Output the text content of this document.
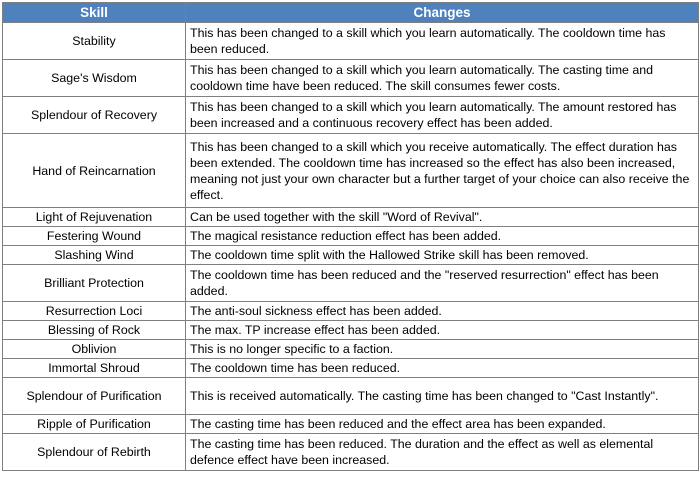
Skill	Changes
Stability	This has been changed to a skill which you learn automatically. The cooldown time has been reduced.
Sage's Wisdom	This has been changed to a skill which you learn automatically. The casting time and cooldown time have been reduced. The skill consumes fewer costs.
Splendour of Recovery	This has been changed to a skill which you learn automatically. The amount restored has been increased and a continuous recovery effect has been added.
Hand of Reincarnation	This has been changed to a skill which you receive automatically. The effect duration has been extended. The cooldown time has increased so the effect has also been increased, meaning not just your own character but a further target of your choice can also receive the effect.
Light of Rejuvenation	Can be used together with the skill "Word of Revival".
Festering Wound	The magical resistance reduction effect has been added.
Slashing Wind	The cooldown time split with the Hallowed Strike skill has been removed.
Brilliant Protection	The cooldown time has been reduced and the "reserved resurrection" effect has been added.
Resurrection Loci	The anti-soul sickness effect has been added.
Blessing of Rock	The max. TP increase effect has been added.
Oblivion	This is no longer specific to a faction.
Immortal Shroud	The cooldown time has been reduced.
Splendour of Purification	This is received automatically. The casting time has been changed to "Cast Instantly".
Ripple of Purification	The casting time has been reduced and the effect area has been expanded.
Splendour of Rebirth	The casting time has been reduced. The duration and the effect as well as elemental defence effect have been increased.
